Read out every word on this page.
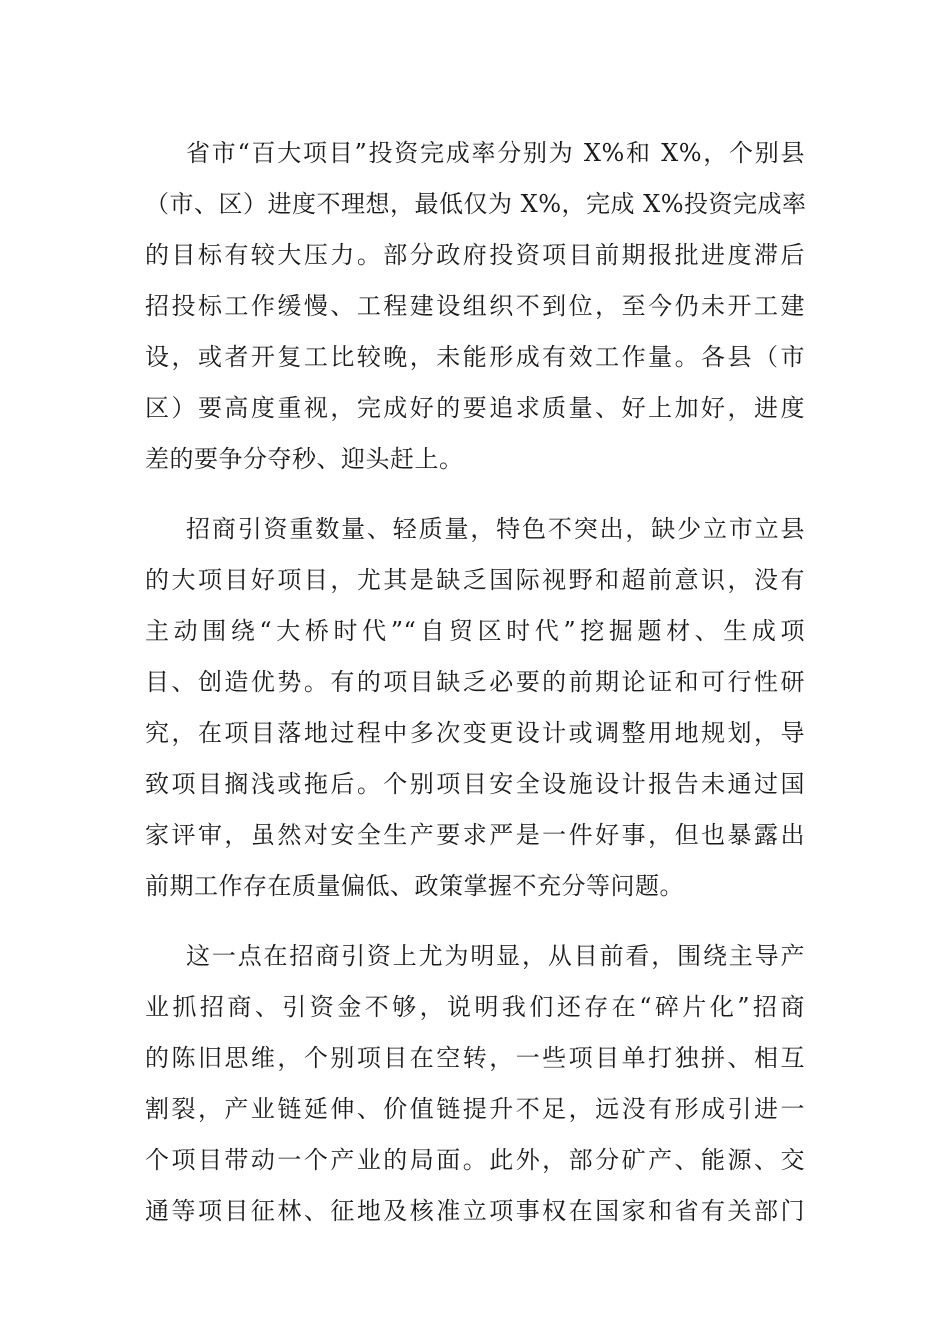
省市“百大项目”投资完成率分别为 X%和 X%，个别县
（市、区）进度不理想，最低仅为 X%，完成 X%投资完成率
的目标有较大压力。部分政府投资项目前期报批进度滞后
招投标工作缓慢、工程建设组织不到位，至今仍未开工建
设，或者开复工比较晚，未能形成有效工作量。各县（市
区）要高度重视，完成好的要追求质量、好上加好，进度
差的要争分夺秒、迎头赶上。
招商引资重数量、轻质量，特色不突出，缺少立市立县
的大项目好项目，尤其是缺乏国际视野和超前意识，没有
主动围绕“大桥时代”“自贸区时代”挖掘题材、生成项
目、创造优势。有的项目缺乏必要的前期论证和可行性研
究，在项目落地过程中多次变更设计或调整用地规划，导
致项目搁浅或拖后。个别项目安全设施设计报告未通过国
家评审，虽然对安全生产要求严是一件好事，但也暴露出
前期工作存在质量偏低、政策掌握不充分等问题。
这一点在招商引资上尤为明显，从目前看，围绕主导产
业抓招商、引资金不够，说明我们还存在“碎片化”招商
的陈旧思维，个别项目在空转，一些项目单打独拼、相互
割裂，产业链延伸、价值链提升不足，远没有形成引进一
个项目带动一个产业的局面。此外，部分矿产、能源、交
通等项目征林、征地及核准立项事权在国家和省有关部门
